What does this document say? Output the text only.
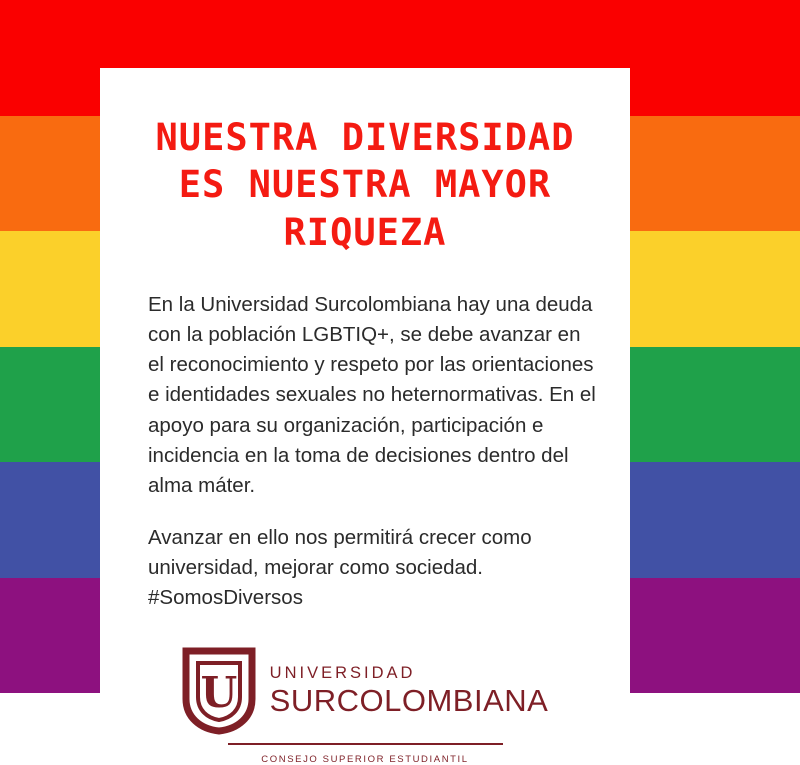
NUESTRA DIVERSIDAD
ES NUESTRA MAYOR
RIQUEZA

En la Universidad Surcolombiana hay una deuda con la población LGBTIQ+, se debe avanzar en el reconocimiento y respeto por las orientaciones e identidades sexuales no heternormativas. En el apoyo para su organización, participación e incidencia en la toma de decisiones dentro del alma máter.

Avanzar en ello nos permitirá crecer como universidad, mejorar como sociedad. #SomosDiversos

U UNIVERSIDAD
SURCOLOMBIANA
CONSEJO SUPERIOR ESTUDIANTIL
